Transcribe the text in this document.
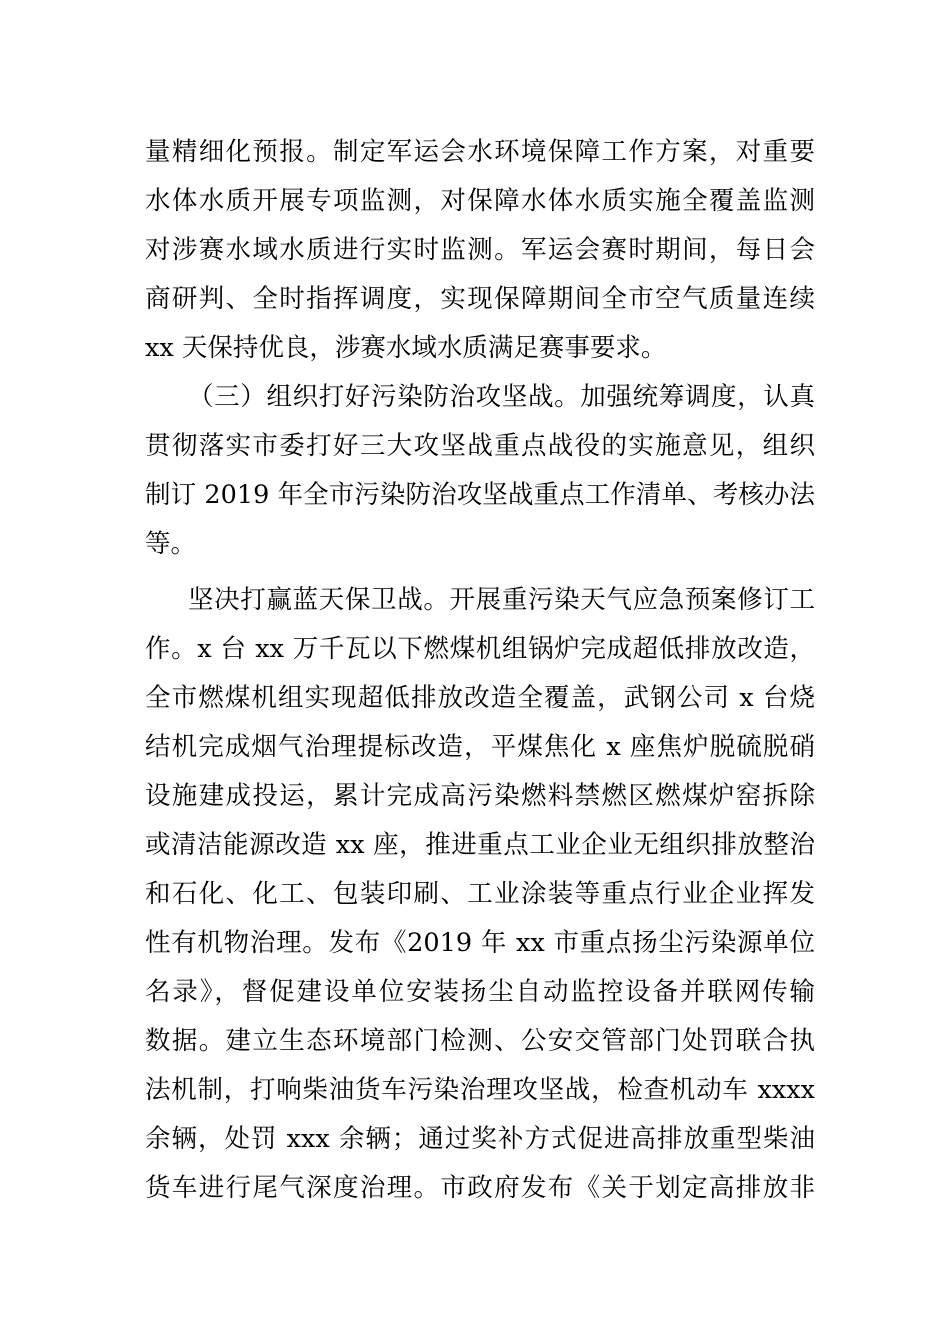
量精细化预报。制定军运会水环境保障工作方案，对重要
水体水质开展专项监测，对保障水体水质实施全覆盖监测
对涉赛水域水质进行实时监测。军运会赛时期间，每日会
商研判、全时指挥调度，实现保障期间全市空气质量连续
xx 天保持优良，涉赛水域水质满足赛事要求。
（三）组织打好污染防治攻坚战。加强统筹调度，认真
贯彻落实市委打好三大攻坚战重点战役的实施意见，组织
制订 2019 年全市污染防治攻坚战重点工作清单、考核办法
等。
坚决打赢蓝天保卫战。开展重污染天气应急预案修订工
作。x 台 xx 万千瓦以下燃煤机组锅炉完成超低排放改造，
全市燃煤机组实现超低排放改造全覆盖，武钢公司 x 台烧
结机完成烟气治理提标改造，平煤焦化 x 座焦炉脱硫脱硝
设施建成投运，累计完成高污染燃料禁燃区燃煤炉窑拆除
或清洁能源改造 xx 座，推进重点工业企业无组织排放整治
和石化、化工、包装印刷、工业涂装等重点行业企业挥发
性有机物治理。发布《2019 年 xx 市重点扬尘污染源单位
名录》，督促建设单位安装扬尘自动监控设备并联网传输
数据。建立生态环境部门检测、公安交管部门处罚联合执
法机制，打响柴油货车污染治理攻坚战，检查机动车 xxxx
余辆，处罚 xxx 余辆；通过奖补方式促进高排放重型柴油
货车进行尾气深度治理。市政府发布《关于划定高排放非
